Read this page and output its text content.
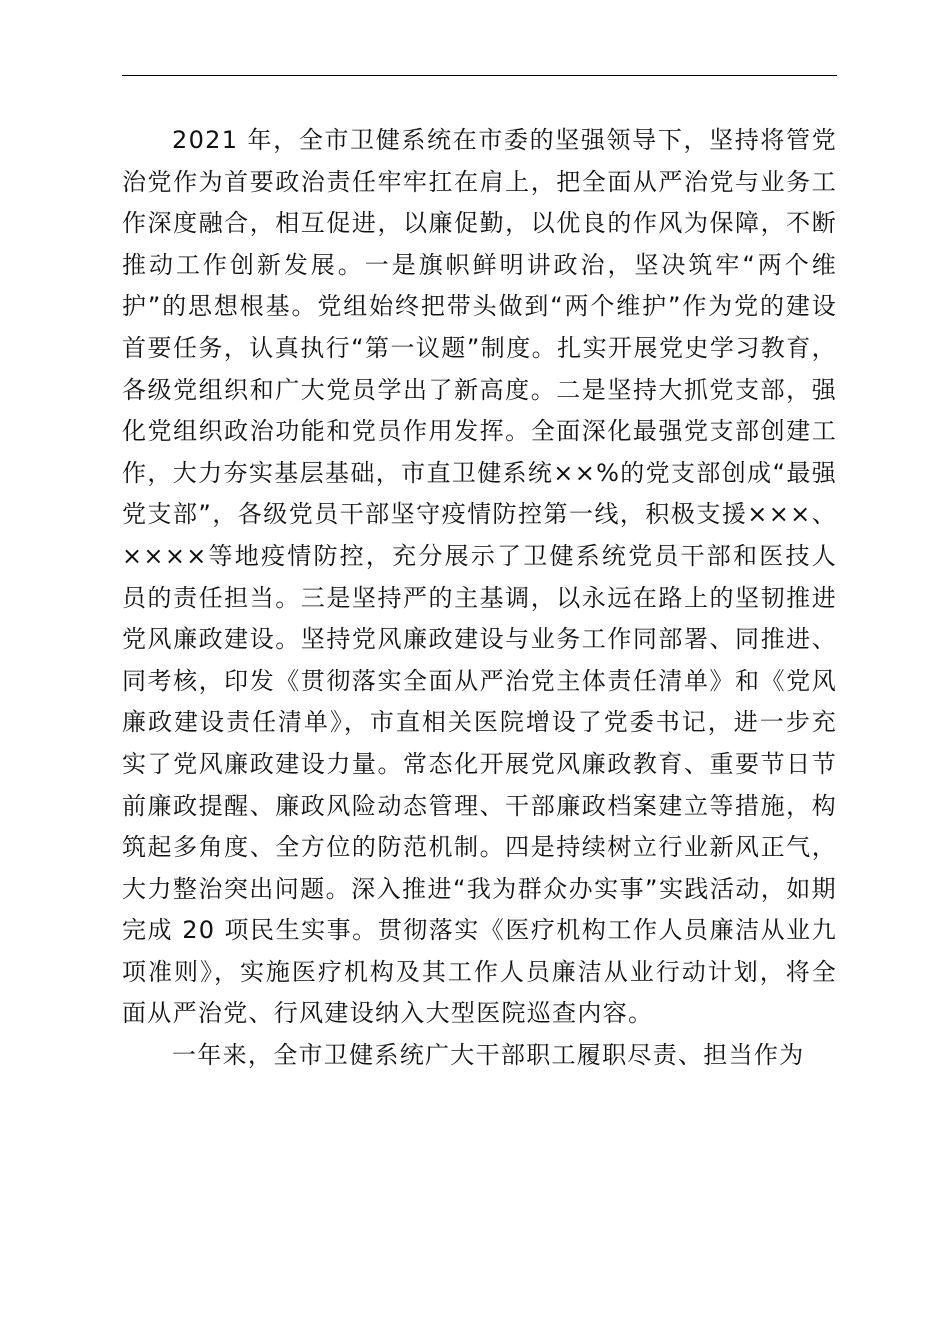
2021 年，全市卫健系统在市委的坚强领导下，坚持将管党治党作为首要政治责任牢牢扛在肩上，把全面从严治党与业务工作深度融合，相互促进，以廉促勤，以优良的作风为保障，不断推动工作创新发展。一是旗帜鲜明讲政治，坚决筑牢“两个维护”的思想根基。党组始终把带头做到“两个维护”作为党的建设首要任务，认真执行“第一议题”制度。扎实开展党史学习教育，各级党组织和广大党员学出了新高度。二是坚持大抓党支部，强化党组织政治功能和党员作用发挥。全面深化最强党支部创建工作，大力夯实基层基础，市直卫健系统××%的党支部创成“最强党支部”，各级党员干部坚守疫情防控第一线，积极支援×××、××××等地疫情防控，充分展示了卫健系统党员干部和医技人员的责任担当。三是坚持严的主基调，以永远在路上的坚韧推进党风廉政建设。坚持党风廉政建设与业务工作同部署、同推进、同考核，印发《贯彻落实全面从严治党主体责任清单》和《党风廉政建设责任清单》，市直相关医院增设了党委书记，进一步充实了党风廉政建设力量。常态化开展党风廉政教育、重要节日节前廉政提醒、廉政风险动态管理、干部廉政档案建立等措施，构筑起多角度、全方位的防范机制。四是持续树立行业新风正气，大力整治突出问题。深入推进“我为群众办实事”实践活动，如期完成 20 项民生实事。贯彻落实《医疗机构工作人员廉洁从业九项准则》，实施医疗机构及其工作人员廉洁从业行动计划，将全面从严治党、行风建设纳入大型医院巡查内容。

一年来，全市卫健系统广大干部职工履职尽责、担当作为
